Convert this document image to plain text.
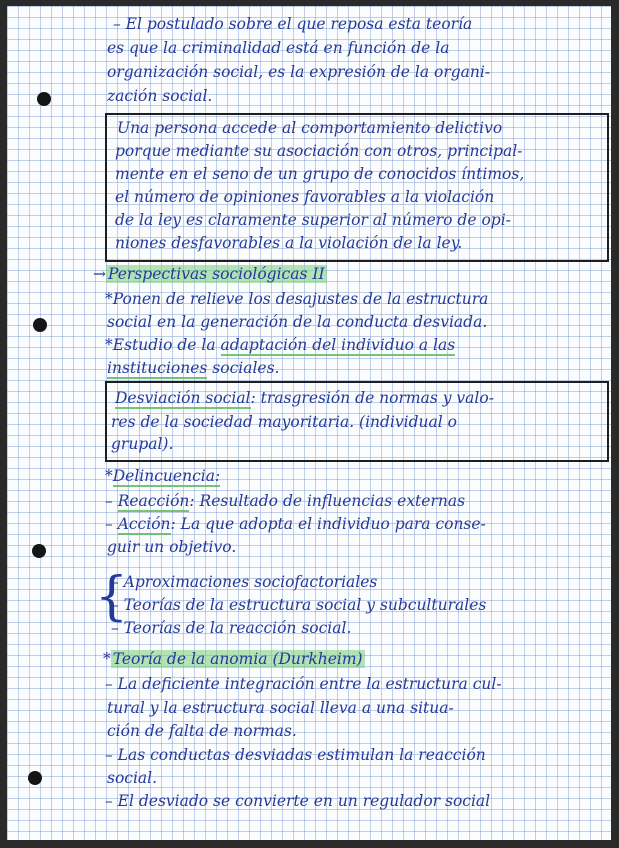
– El postulado sobre el que reposa esta teoría

es que la criminalidad está en función de la

organización social, es la expresión de la organi-

zación social.

Una persona accede al comportamiento delictivo

porque mediante su asociación con otros, principal-

mente en el seno de un grupo de conocidos íntimos,

el número de opiniones favorables a la violación

de la ley es claramente superior al número de opi-

niones desfavorables a la violación de la ley.

→ Perspectivas sociológicas II

*Ponen de relieve los desajustes de la estructura

social en la generación de la conducta desviada.

*Estudio de la adaptación del individuo a las

instituciones sociales.

Desviación social: trasgresión de normas y valo-

res de la sociedad mayoritaria. (individual o

grupal).

*Delincuencia:

– Reacción: Resultado de influencias externas

– Acción: La que adopta el individuo para conse-

guir un objetivo.

{

– Aproximaciones sociofactoriales

– Teorías de la estructura social y subculturales

– Teorías de la reacción social.

* Teoría de la anomia (Durkheim)

– La deficiente integración entre la estructura cul-

tural y la estructura social lleva a una situa-

ción de falta de normas.

– Las conductas desviadas estimulan la reacción

social.

– El desviado se convierte en un regulador social
